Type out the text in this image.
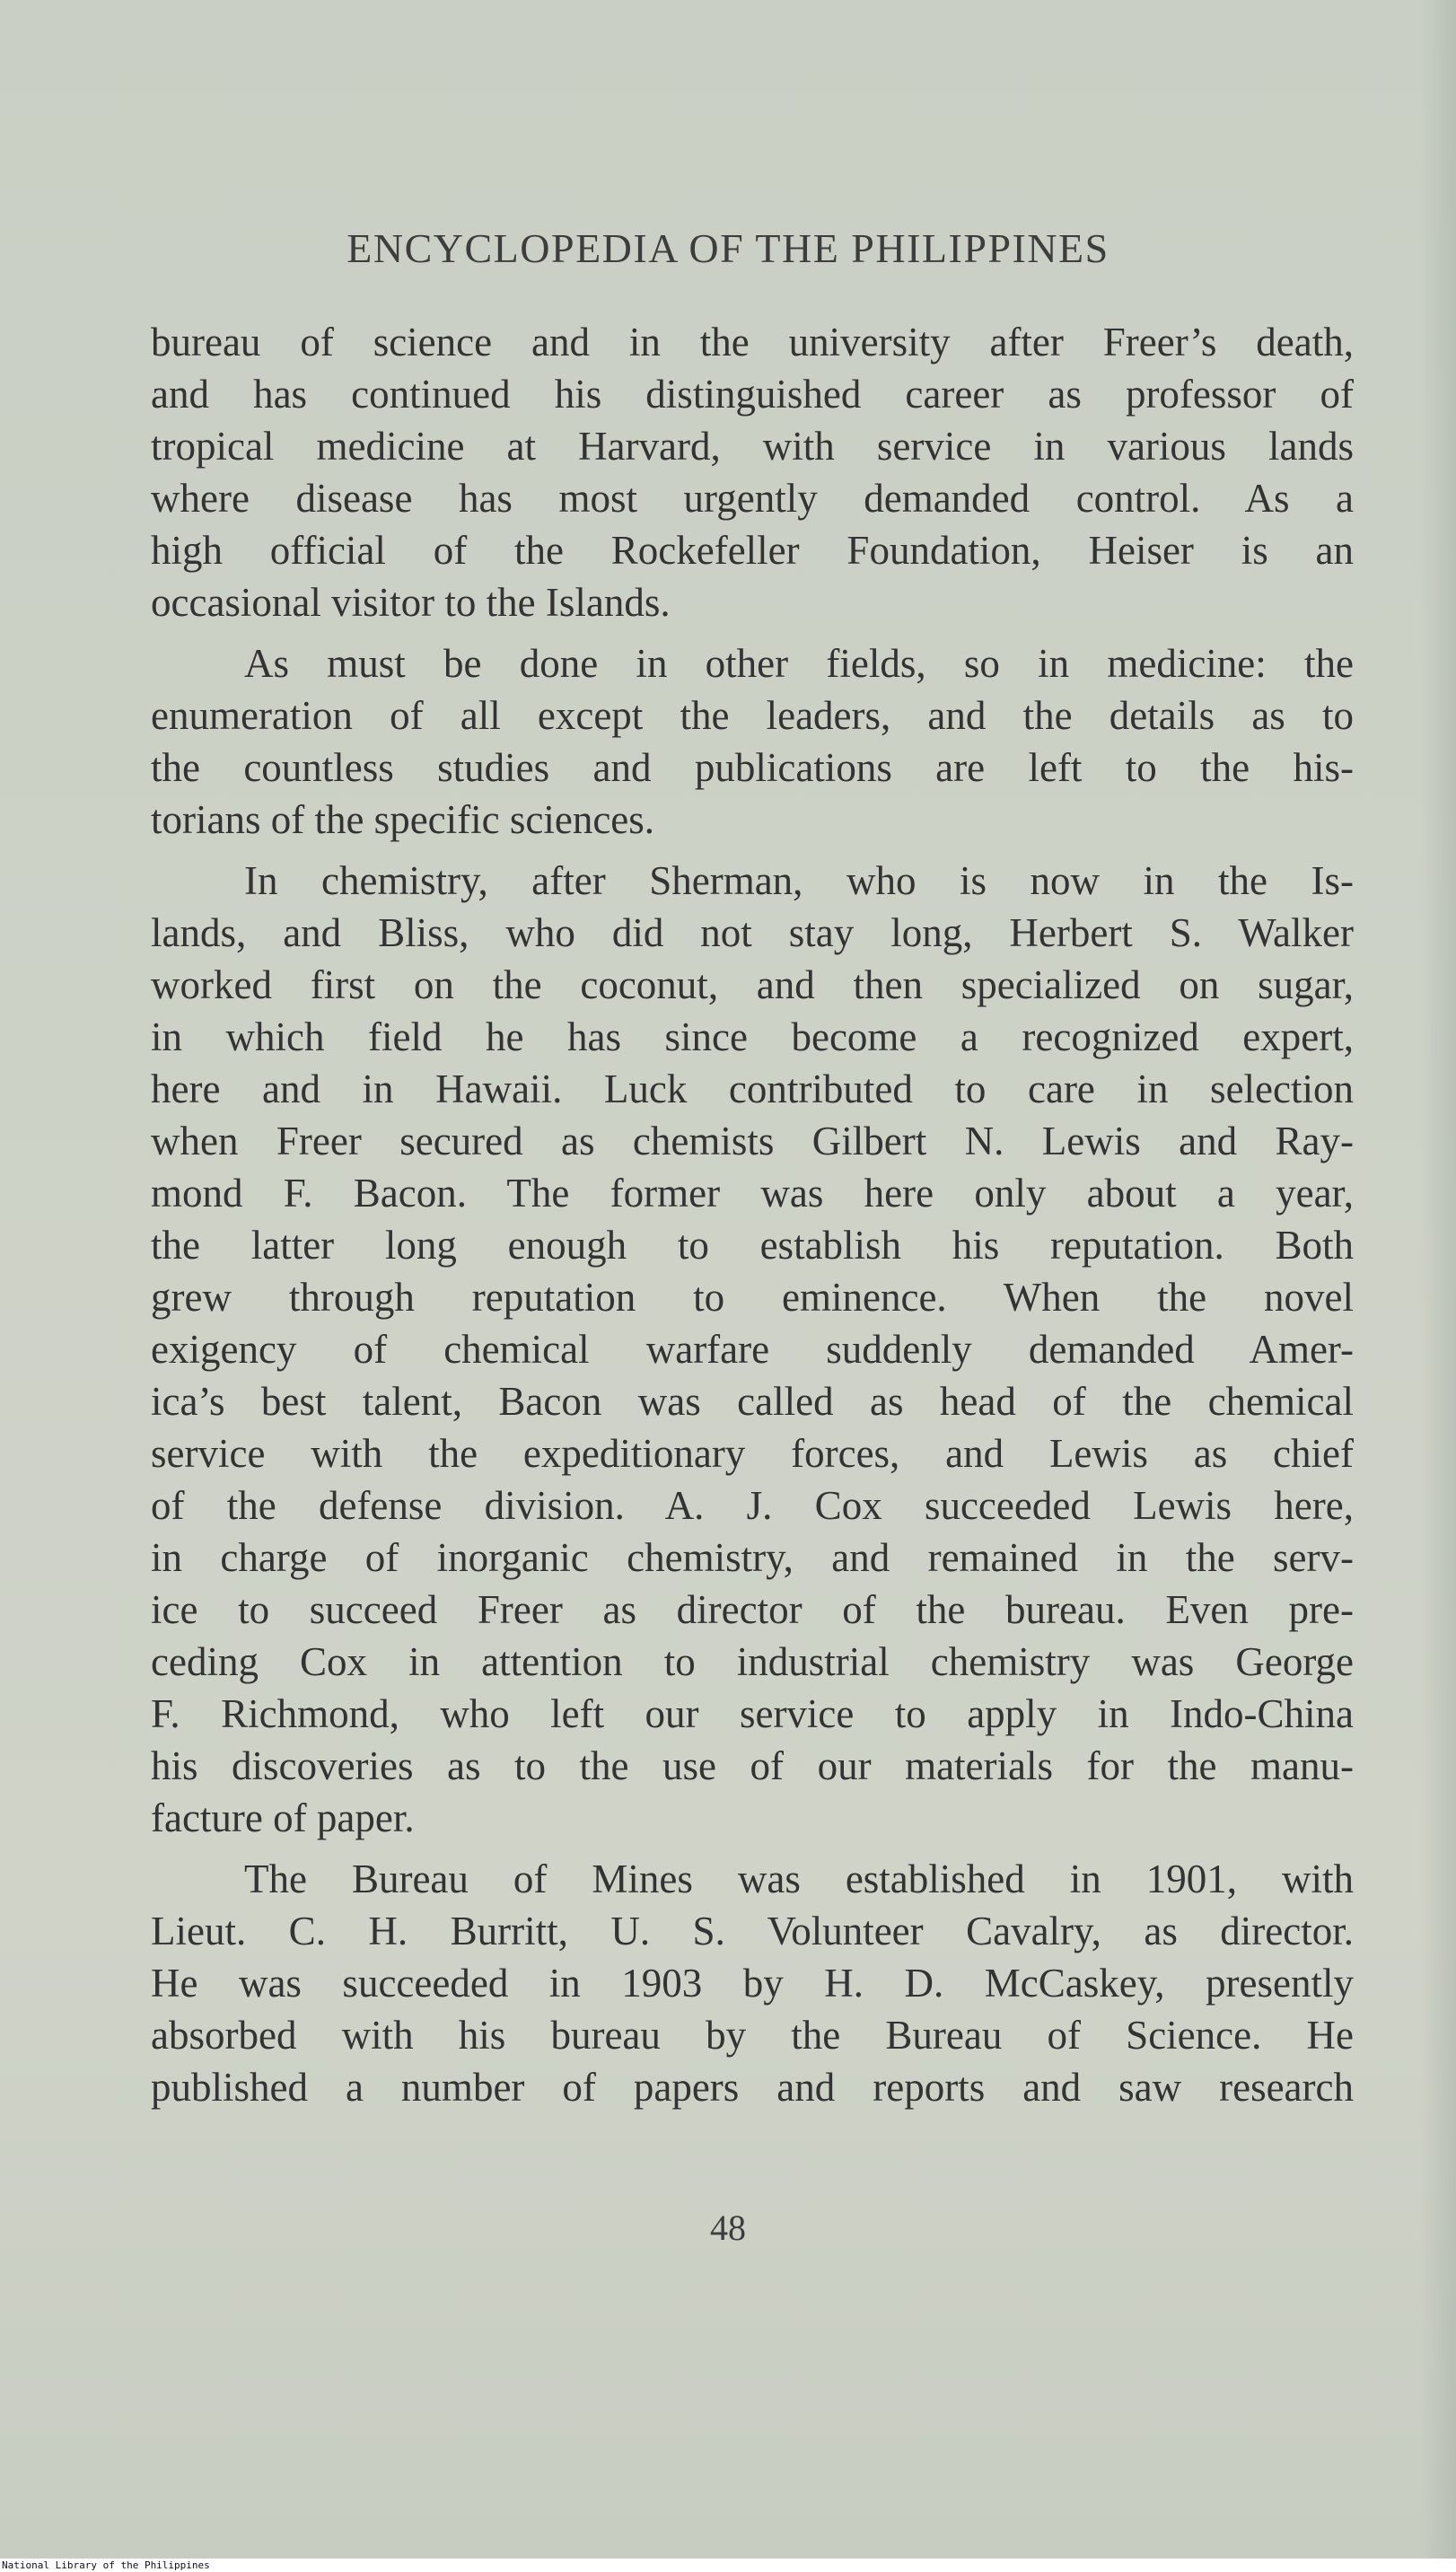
ENCYCLOPEDIA OF THE PHILIPPINES

bureau of science and in the university after Freer’s death,
and has continued his distinguished career as professor of
tropical medicine at Harvard, with service in various lands
where disease has most urgently demanded control. As a
high official of the Rockefeller Foundation, Heiser is an
occasional visitor to the Islands.

As must be done in other fields, so in medicine: the
enumeration of all except the leaders, and the details as to
the countless studies and publications are left to the his-
torians of the specific sciences.

In chemistry, after Sherman, who is now in the Is-
lands, and Bliss, who did not stay long, Herbert S. Walker
worked first on the coconut, and then specialized on sugar,
in which field he has since become a recognized expert,
here and in Hawaii. Luck contributed to care in selection
when Freer secured as chemists Gilbert N. Lewis and Ray-
mond F. Bacon. The former was here only about a year,
the latter long enough to establish his reputation. Both
grew through reputation to eminence. When the novel
exigency of chemical warfare suddenly demanded Amer-
ica’s best talent, Bacon was called as head of the chemical
service with the expeditionary forces, and Lewis as chief
of the defense division. A. J. Cox succeeded Lewis here,
in charge of inorganic chemistry, and remained in the serv-
ice to succeed Freer as director of the bureau. Even pre-
ceding Cox in attention to industrial chemistry was George
F. Richmond, who left our service to apply in Indo-China
his discoveries as to the use of our materials for the manu-
facture of paper.

The Bureau of Mines was established in 1901, with
Lieut. C. H. Burritt, U. S. Volunteer Cavalry, as director.
He was succeeded in 1903 by H. D. McCaskey, presently
absorbed with his bureau by the Bureau of Science. He
published a number of papers and reports and saw research

48
National Library of the Philippines
